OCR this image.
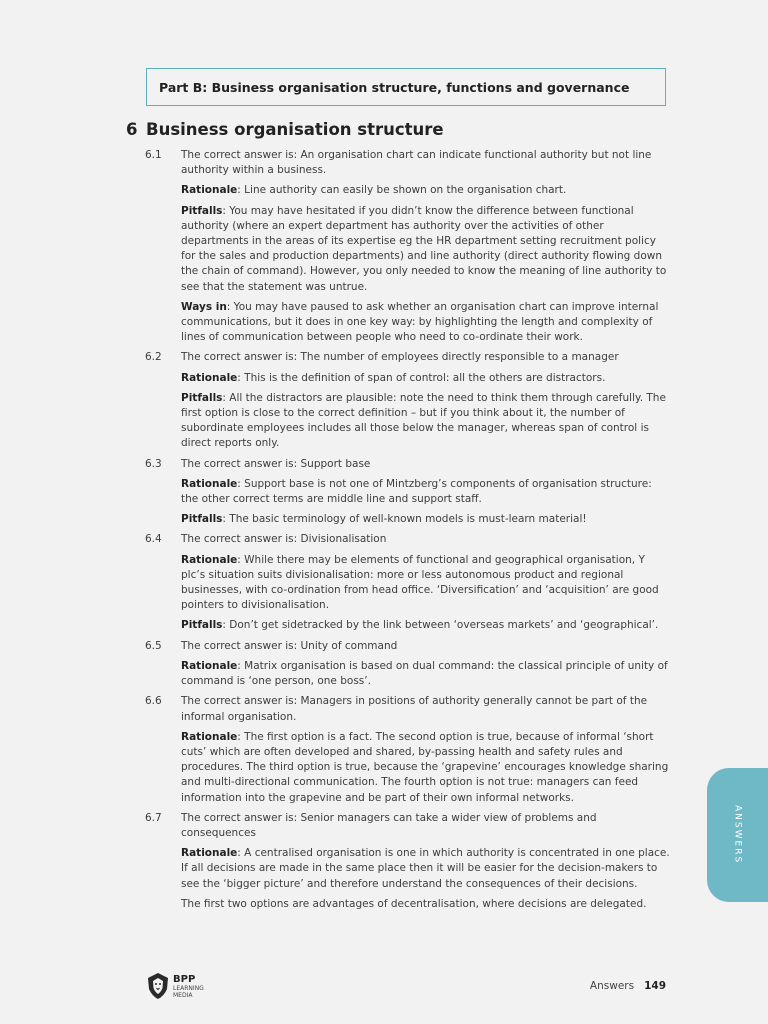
Part B: Business organisation structure, functions and governance
6 Business organisation structure
6.1 The correct answer is: An organisation chart can indicate functional authority but not line authority within a business.

Rationale: Line authority can easily be shown on the organisation chart.

Pitfalls: You may have hesitated if you didn’t know the difference between functional authority (where an expert department has authority over the activities of other departments in the areas of its expertise eg the HR department setting recruitment policy for the sales and production departments) and line authority (direct authority flowing down the chain of command). However, you only needed to know the meaning of line authority to see that the statement was untrue.

Ways in: You may have paused to ask whether an organisation chart can improve internal communications, but it does in one key way: by highlighting the length and complexity of lines of communication between people who need to co-ordinate their work.

6.2 The correct answer is: The number of employees directly responsible to a manager

Rationale: This is the definition of span of control: all the others are distractors.

Pitfalls: All the distractors are plausible: note the need to think them through carefully. The first option is close to the correct definition – but if you think about it, the number of subordinate employees includes all those below the manager, whereas span of control is direct reports only.

6.3 The correct answer is: Support base

Rationale: Support base is not one of Mintzberg’s components of organisation structure: the other correct terms are middle line and support staff.

Pitfalls: The basic terminology of well-known models is must-learn material!

6.4 The correct answer is: Divisionalisation

Rationale: While there may be elements of functional and geographical organisation, Y plc’s situation suits divisionalisation: more or less autonomous product and regional businesses, with co-ordination from head office. ‘Diversification’ and ‘acquisition’ are good pointers to divisionalisation.

Pitfalls: Don’t get sidetracked by the link between ‘overseas markets’ and ‘geographical’.

6.5 The correct answer is: Unity of command

Rationale: Matrix organisation is based on dual command: the classical principle of unity of command is ‘one person, one boss’.

6.6 The correct answer is: Managers in positions of authority generally cannot be part of the informal organisation.

Rationale: The first option is a fact. The second option is true, because of informal ‘short cuts’ which are often developed and shared, by-passing health and safety rules and procedures. The third option is true, because the ‘grapevine’ encourages knowledge sharing and multi-directional communication. The fourth option is not true: managers can feed information into the grapevine and be part of their own informal networks.

6.7 The correct answer is: Senior managers can take a wider view of problems and consequences

Rationale: A centralised organisation is one in which authority is concentrated in one place. If all decisions are made in the same place then it will be easier for the decision-makers to see the ‘bigger picture’ and therefore understand the consequences of their decisions.

The first two options are advantages of decentralisation, where decisions are delegated.

ANSWERS
BPP
LEARNING
MEDIA
Answers 149
